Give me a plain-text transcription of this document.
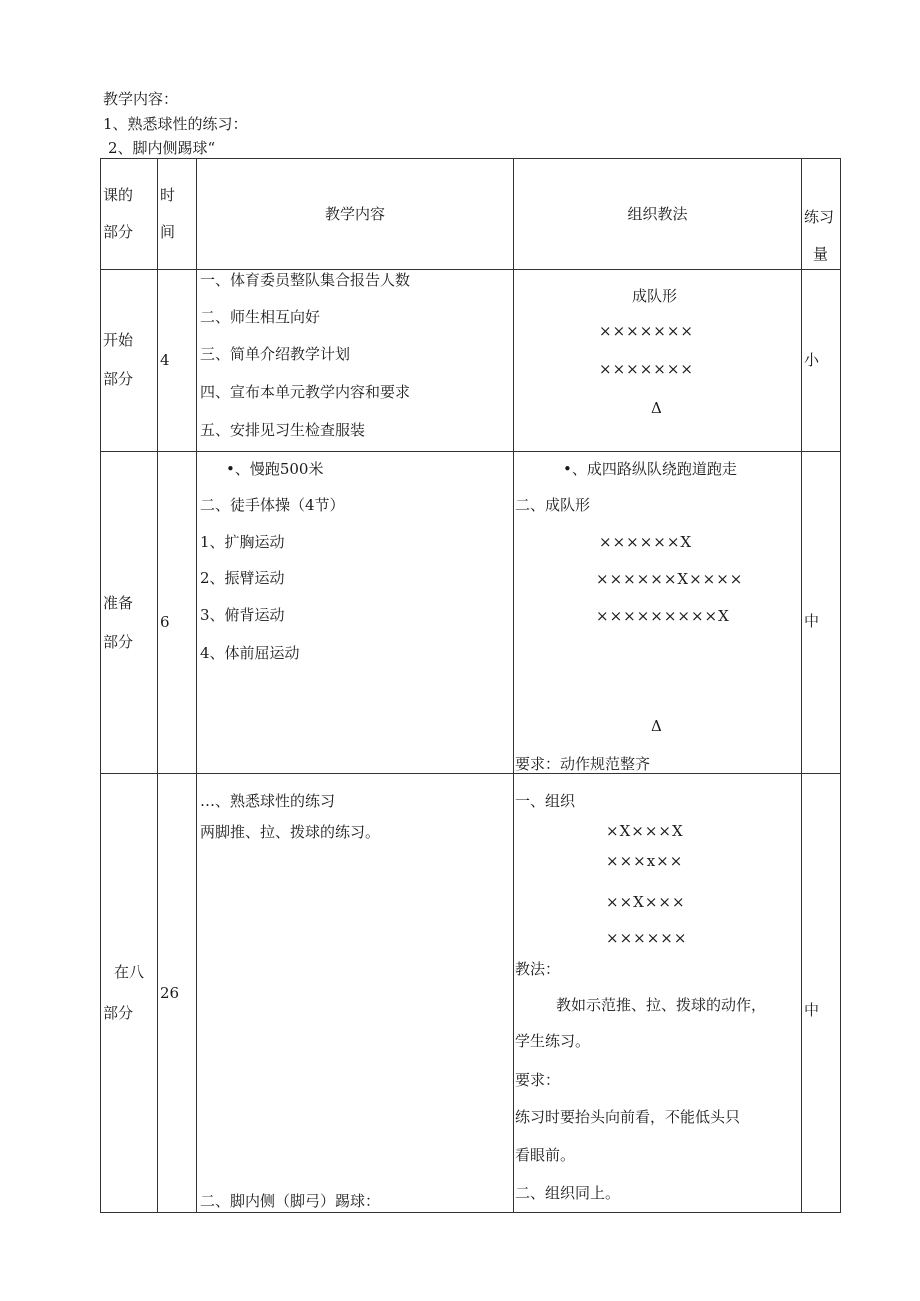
教学内容：
1、熟悉球性的练习：
2、脚内侧踢球“
课的
部分
时
间
教学内容	组织教法	练习
量
开始
部分
4
一、体育委员整队集合报告人数
二、师生相互向好
三、简单介绍教学计划
四、宣布本单元教学内容和要求
五、安排见习生检查服装
成队形
×××××××
×××××××
Δ
小
准备
部分
6
•、慢跑500米
二、徒手体操（4节）
1、扩胸运动
2、振臂运动
3、俯背运动
4、体前屈运动
•、成四路纵队绕跑道跑走
二、成队形
××××××X
××××××X××××
×××××××××X
Δ
要求：动作规范整齐
中
在八
部分
26
…、熟悉球性的练习
两脚推、拉、拨球的练习。
二、脚内侧（脚弓）踢球：
一、组织
×X×××X
×××x××
××X×××
××××××
教法：
教如示范推、拉、拨球的动作，
学生练习。
要求：
练习时要抬头向前看，不能低头只
看眼前。
二、组织同上。
中
